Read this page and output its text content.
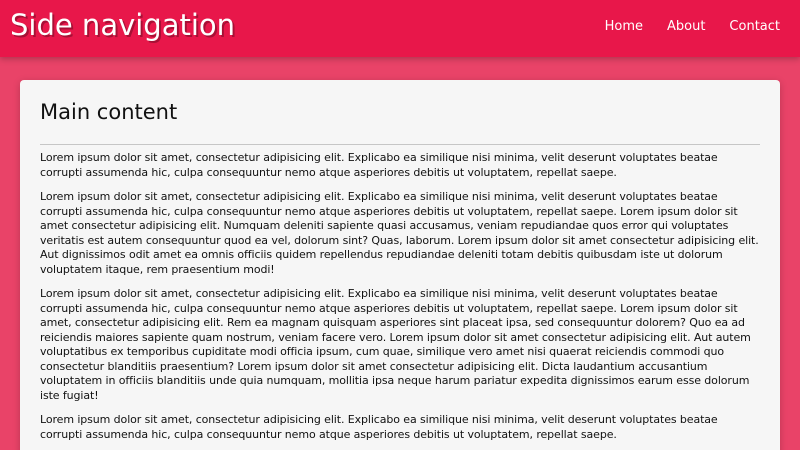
Side navigation	Home About Contact
Main content

Lorem ipsum dolor sit amet, consectetur adipisicing elit. Explicabo ea similique nisi minima, velit deserunt voluptates beatae corrupti assumenda hic, culpa consequuntur nemo atque asperiores debitis ut voluptatem, repellat saepe.

Lorem ipsum dolor sit amet, consectetur adipisicing elit. Explicabo ea similique nisi minima, velit deserunt voluptates beatae corrupti assumenda hic, culpa consequuntur nemo atque asperiores debitis ut voluptatem, repellat saepe. Lorem ipsum dolor sit amet consectetur adipisicing elit. Numquam deleniti sapiente quasi accusamus, veniam repudiandae quos error qui voluptates veritatis est autem consequuntur quod ea vel, dolorum sint? Quas, laborum. Lorem ipsum dolor sit amet consectetur adipisicing elit. Aut dignissimos odit amet ea omnis officiis quidem repellendus repudiandae deleniti totam debitis quibusdam iste ut dolorum voluptatem itaque, rem praesentium modi!

Lorem ipsum dolor sit amet, consectetur adipisicing elit. Explicabo ea similique nisi minima, velit deserunt voluptates beatae corrupti assumenda hic, culpa consequuntur nemo atque asperiores debitis ut voluptatem, repellat saepe. Lorem ipsum dolor sit amet, consectetur adipisicing elit. Rem ea magnam quisquam asperiores sint placeat ipsa, sed consequuntur dolorem? Quo ea ad reiciendis maiores sapiente quam nostrum, veniam facere vero. Lorem ipsum dolor sit amet consectetur adipisicing elit. Aut autem voluptatibus ex temporibus cupiditate modi officia ipsum, cum quae, similique vero amet nisi quaerat reiciendis commodi quo consectetur blanditiis praesentium? Lorem ipsum dolor sit amet consectetur adipisicing elit. Dicta laudantium accusantium voluptatem in officiis blanditiis unde quia numquam, mollitia ipsa neque harum pariatur expedita dignissimos earum esse dolorum iste fugiat!

Lorem ipsum dolor sit amet, consectetur adipisicing elit. Explicabo ea similique nisi minima, velit deserunt voluptates beatae corrupti assumenda hic, culpa consequuntur nemo atque asperiores debitis ut voluptatem, repellat saepe.
